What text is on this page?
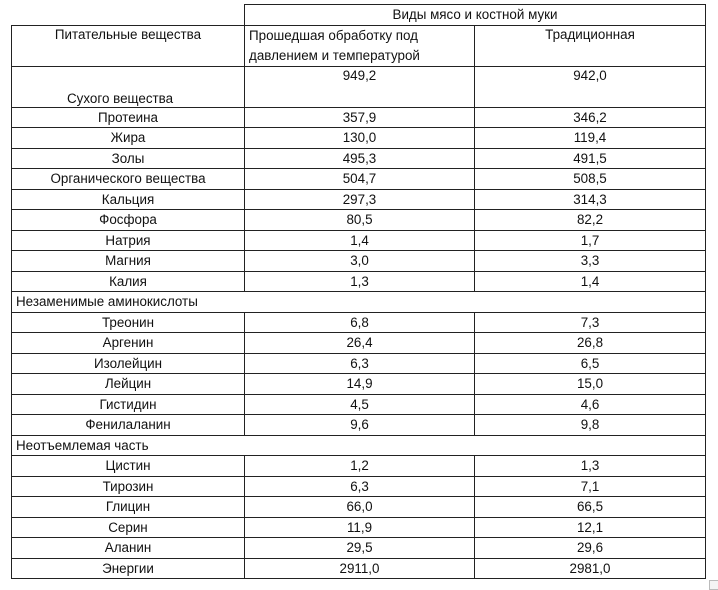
	Виды мясо и костной муки	
Питательные вещества	Прошедшая обработку под давлением и температурой	Традиционная
Сухого вещества	949,2	942,0
Протеина	357,9	346,2
Жира	130,0	119,4
Золы	495,3	491,5
Органического вещества	504,7	508,5
Кальция	297,3	314,3
Фосфора	80,5	82,2
Натрия	1,4	1,7
Магния	3,0	3,3
Калия	1,3	1,4
Незаменимые аминокислоты		
Треонин	6,8	7,3
Аргенин	26,4	26,8
Изолейцин	6,3	6,5
Лейцин	14,9	15,0
Гистидин	4,5	4,6
Фенилаланин	9,6	9,8
Неотъемлемая часть		
Цистин	1,2	1,3
Тирозин	6,3	7,1
Глицин	66,0	66,5
Серин	11,9	12,1
Аланин	29,5	29,6
Энергии	2911,0	2981,0
